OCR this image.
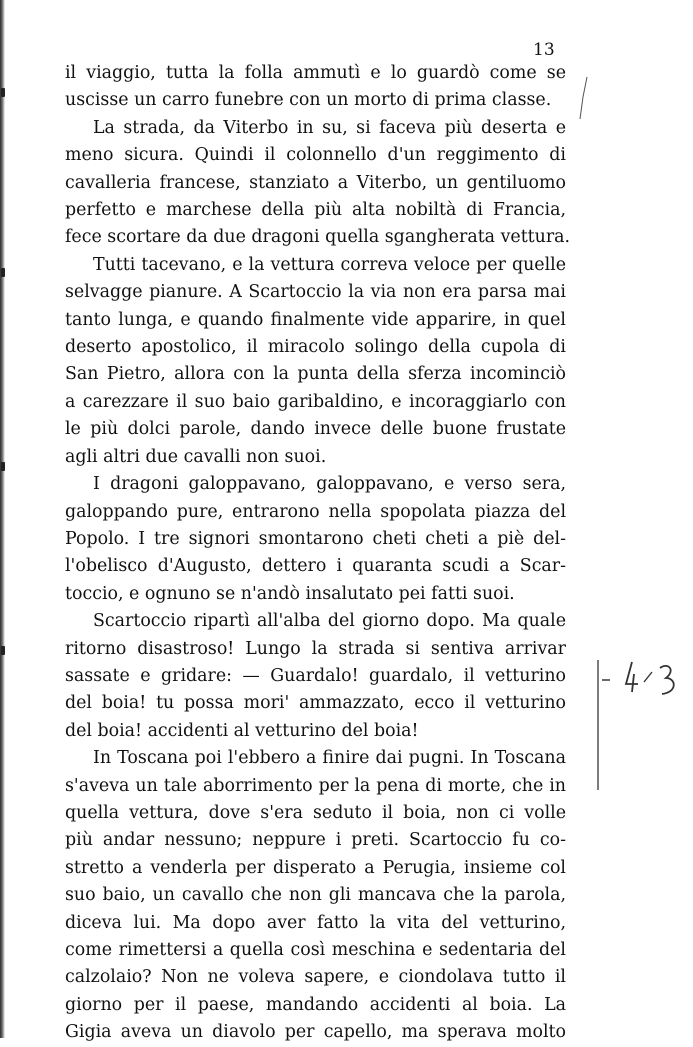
13

il viaggio, tutta la folla ammutì e lo guardò come se
uscisse un carro funebre con un morto di prima classe.

La strada, da Viterbo in su, si faceva più deserta e
meno sicura. Quindi il colonnello d'un reggimento di
cavalleria francese, stanziato a Viterbo, un gentiluomo
perfetto e marchese della più alta nobiltà di Francia,
fece scortare da due dragoni quella sgangherata vettura.

Tutti tacevano, e la vettura correva veloce per quelle
selvagge pianure. A Scartoccio la via non era parsa mai
tanto lunga, e quando finalmente vide apparire, in quel
deserto apostolico, il miracolo solingo della cupola di
San Pietro, allora con la punta della sferza incominciò
a carezzare il suo baio garibaldino, e incoraggiarlo con
le più dolci parole, dando invece delle buone frustate
agli altri due cavalli non suoi.

I dragoni galoppavano, galoppavano, e verso sera,
galoppando pure, entrarono nella spopolata piazza del
Popolo. I tre signori smontarono cheti cheti a piè del-
l'obelisco d'Augusto, dettero i quaranta scudi a Scar-
toccio, e ognuno se n'andò insalutato pei fatti suoi.

Scartoccio ripartì all'alba del giorno dopo. Ma quale
ritorno disastroso! Lungo la strada si sentiva arrivar
sassate e gridare: — Guardalo! guardalo, il vetturino
del boia! tu possa mori' ammazzato, ecco il vetturino
del boia! accidenti al vetturino del boia!

In Toscana poi l'ebbero a finire dai pugni. In Toscana
s'aveva un tale aborrimento per la pena di morte, che in
quella vettura, dove s'era seduto il boia, non ci volle
più andar nessuno; neppure i preti. Scartoccio fu co-
stretto a venderla per disperato a Perugia, insieme col
suo baio, un cavallo che non gli mancava che la parola,
diceva lui. Ma dopo aver fatto la vita del vetturino,
come rimettersi a quella così meschina e sedentaria del
calzolaio? Non ne voleva sapere, e ciondolava tutto il
giorno per il paese, mandando accidenti al boia. La
Gigia aveva un diavolo per capello, ma sperava molto
